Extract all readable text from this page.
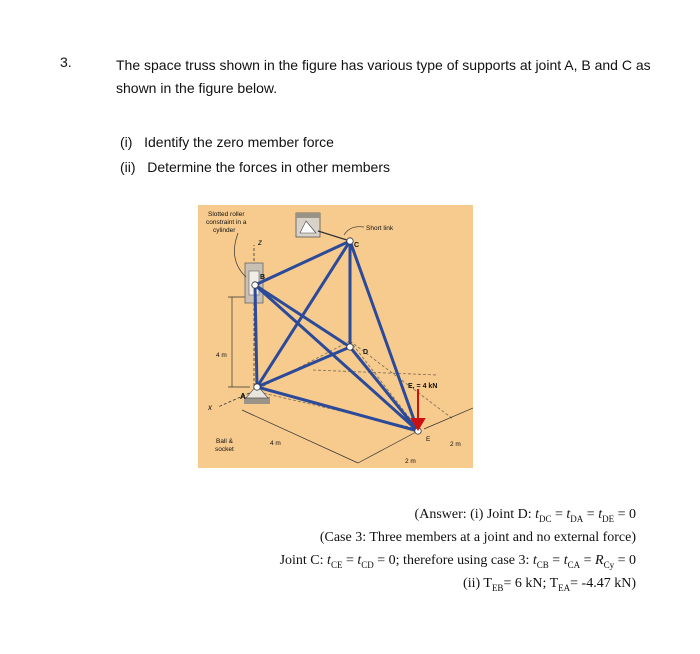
3.	The space truss shown in the figure has various type of supports at joint A, B and C as shown in the figure below.
(i) Identify the zero member force
(ii) Determine the forces in other members
Slotted roller
constraint in a
cylinder	Short link
Ball &
socket
A
B
C
D
E
E, = 4 kN
x
z
4 m
4 m
2 m
2 m
(Answer: (i) Joint D: $t_{DC} = t_{DA} = t_{DE} = 0$
(Case 3: Three members at a joint and no external force)
Joint C: $t_{CE} = t_{CD} = 0$; therefore using case 3: $t_{CB} = t_{CA} = R_{Cy} = 0$
(ii) $T_{EB}= 6$ kN; $T_{EA}= -4.47$ kN)
